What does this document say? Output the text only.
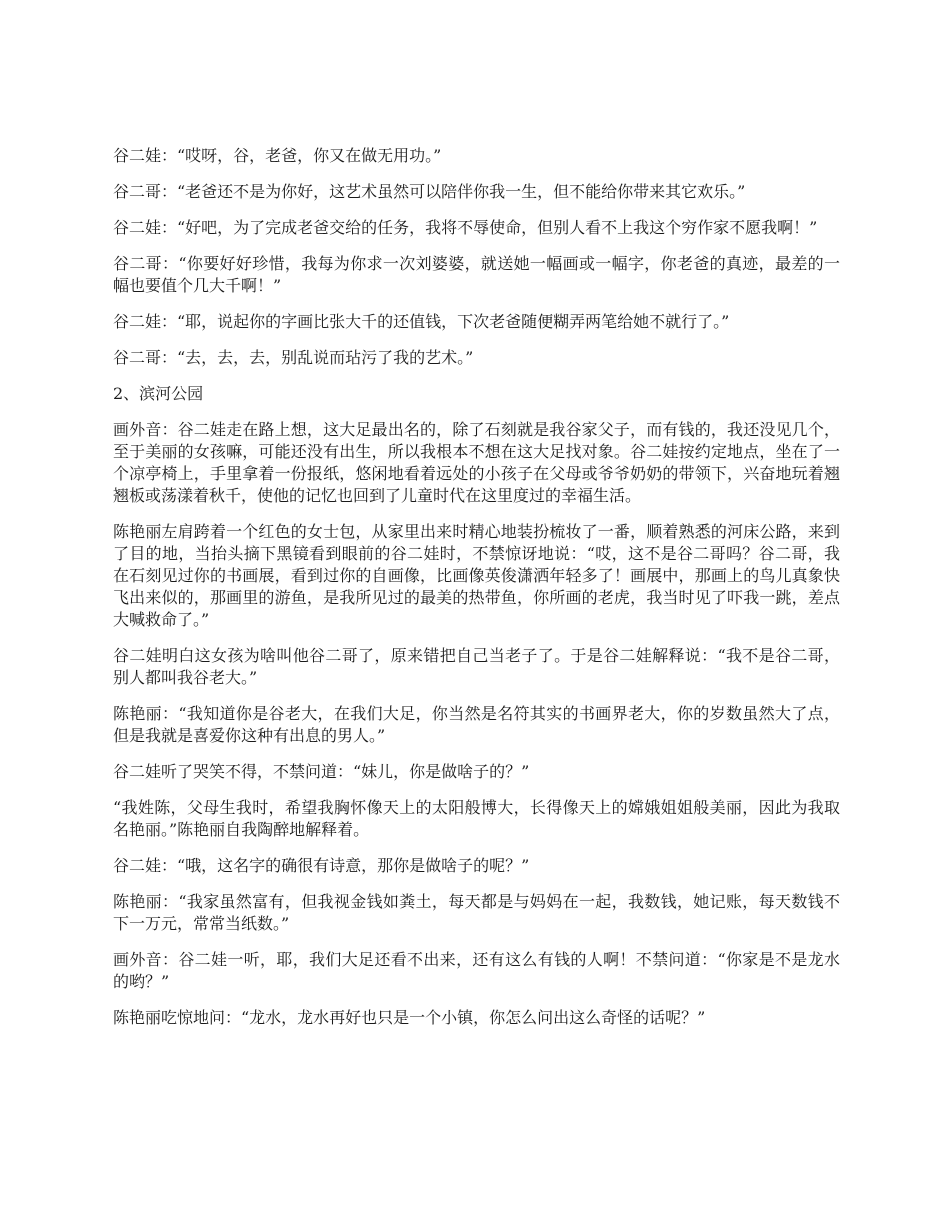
谷二娃：“哎呀，谷，老爸，你又在做无用功。”

谷二哥：“老爸还不是为你好，这艺术虽然可以陪伴你我一生，但不能给你带来其它欢乐。”

谷二娃：“好吧，为了完成老爸交给的任务，我将不辱使命，但别人看不上我这个穷作家不愿我啊！”

谷二哥：“你要好好珍惜，我每为你求一次刘婆婆，就送她一幅画或一幅字，你老爸的真迹，最差的一幅也要值个几大千啊！”

谷二娃：“耶，说起你的字画比张大千的还值钱，下次老爸随便糊弄两笔给她不就行了。”

谷二哥：“去，去，去，别乱说而玷污了我的艺术。”

2、滨河公园

画外音：谷二娃走在路上想，这大足最出名的，除了石刻就是我谷家父子，而有钱的，我还没见几个，至于美丽的女孩嘛，可能还没有出生，所以我根本不想在这大足找对象。谷二娃按约定地点，坐在了一个凉亭椅上，手里拿着一份报纸，悠闲地看着远处的小孩子在父母或爷爷奶奶的带领下，兴奋地玩着翘翘板或荡漾着秋千，使他的记忆也回到了儿童时代在这里度过的幸福生活。

陈艳丽左肩跨着一个红色的女士包，从家里出来时精心地装扮梳妆了一番，顺着熟悉的河床公路，来到了目的地，当抬头摘下黑镜看到眼前的谷二娃时，不禁惊讶地说：“哎，这不是谷二哥吗？谷二哥，我在石刻见过你的书画展，看到过你的自画像，比画像英俊潇洒年轻多了！画展中，那画上的鸟儿真象快飞出来似的，那画里的游鱼，是我所见过的最美的热带鱼，你所画的老虎，我当时见了吓我一跳，差点大喊救命了。”

谷二娃明白这女孩为啥叫他谷二哥了，原来错把自己当老子了。于是谷二娃解释说：“我不是谷二哥，别人都叫我谷老大。”

陈艳丽：“我知道你是谷老大，在我们大足，你当然是名符其实的书画界老大，你的岁数虽然大了点，但是我就是喜爱你这种有出息的男人。”

谷二娃听了哭笑不得，不禁问道：“妹儿，你是做啥子的？”

“我姓陈，父母生我时，希望我胸怀像天上的太阳般博大，长得像天上的嫦娥姐姐般美丽，因此为我取名艳丽。”陈艳丽自我陶醉地解释着。

谷二娃：“哦，这名字的确很有诗意，那你是做啥子的呢？”

陈艳丽：“我家虽然富有，但我视金钱如粪土，每天都是与妈妈在一起，我数钱，她记账，每天数钱不下一万元，常常当纸数。”

画外音：谷二娃一听，耶，我们大足还看不出来，还有这么有钱的人啊！不禁问道：“你家是不是龙水的哟？”

陈艳丽吃惊地问：“龙水，龙水再好也只是一个小镇，你怎么问出这么奇怪的话呢？”
